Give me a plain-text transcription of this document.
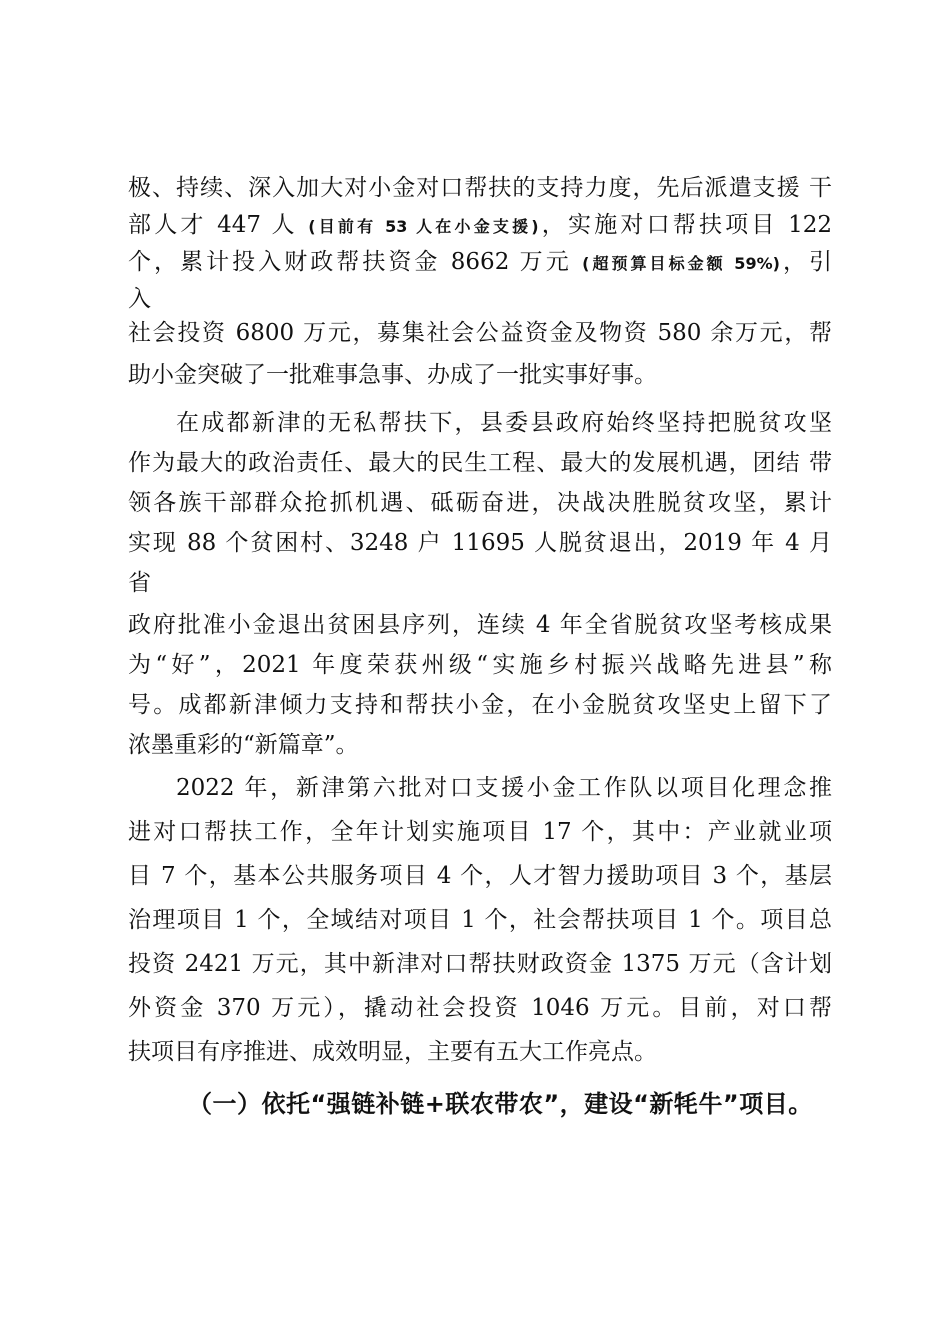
极、持续、深入加大对小金对口帮扶的支持力度，先后派遣支援 干
部人才 447 人 (目前有 53 人在小金支援)，实施对口帮扶项目 122
个，累计投入财政帮扶资金 8662 万元 (超预算目标金额 59%)，引
入
社会投资 6800 万元，募集社会公益资金及物资 580 余万元，帮
助小金突破了一批难事急事、办成了一批实事好事。
在成都新津的无私帮扶下，县委县政府始终坚持把脱贫攻坚
作为最大的政治责任、最大的民生工程、最大的发展机遇，团结 带
领各族干部群众抢抓机遇、砥砺奋进，决战决胜脱贫攻坚，累计
实现 88 个贫困村、3248 户 11695 人脱贫退出，2019 年 4 月
省
政府批准小金退出贫困县序列，连续 4 年全省脱贫攻坚考核成果
为“好”，2021 年度荣获州级“实施乡村振兴战略先进县”称
号。成都新津倾力支持和帮扶小金，在小金脱贫攻坚史上留下了
浓墨重彩的“新篇章”。
2022 年，新津第六批对口支援小金工作队以项目化理念推
进对口帮扶工作，全年计划实施项目 17 个，其中：产业就业项
目 7 个，基本公共服务项目 4 个，人才智力援助项目 3 个，基层
治理项目 1 个，全域结对项目 1 个，社会帮扶项目 1 个。项目总
投资 2421 万元，其中新津对口帮扶财政资金 1375 万元（含计划
外资金 370 万元），撬动社会投资 1046 万元。目前，对口帮
扶项目有序推进、成效明显，主要有五大工作亮点。
（一）依托“强链补链+联农带农”，建设“新牦牛”项目。
